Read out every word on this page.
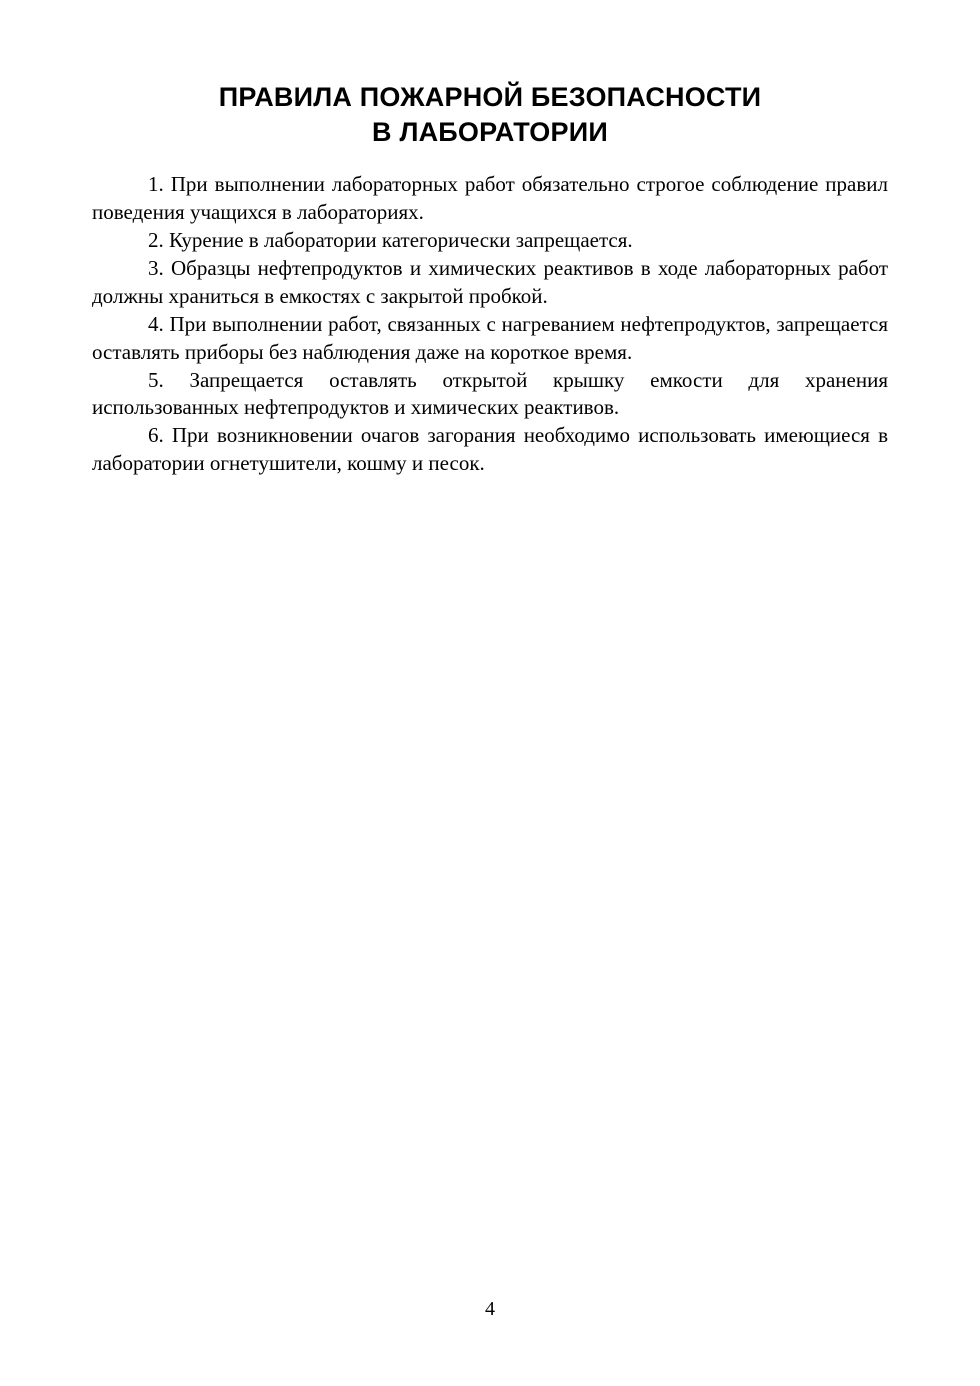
ПРАВИЛА ПОЖАРНОЙ БЕЗОПАСНОСТИ
В ЛАБОРАТОРИИ

1. При выполнении лабораторных работ обязательно строгое соблюдение правил поведения учащихся в лабораториях.

2. Курение в лаборатории категорически запрещается.

3. Образцы нефтепродуктов и химических реактивов в ходе лабораторных работ должны храниться в емкостях с закрытой пробкой.

4. При выполнении работ, связанных с нагреванием нефтепродуктов, запрещается оставлять приборы без наблюдения даже на короткое время.

5. Запрещается оставлять открытой крышку емкости для хранения использованных нефтепродуктов и химических реактивов.

6. При возникновении очагов загорания необходимо использовать имеющиеся в лаборатории огнетушители, кошму и песок.

4
